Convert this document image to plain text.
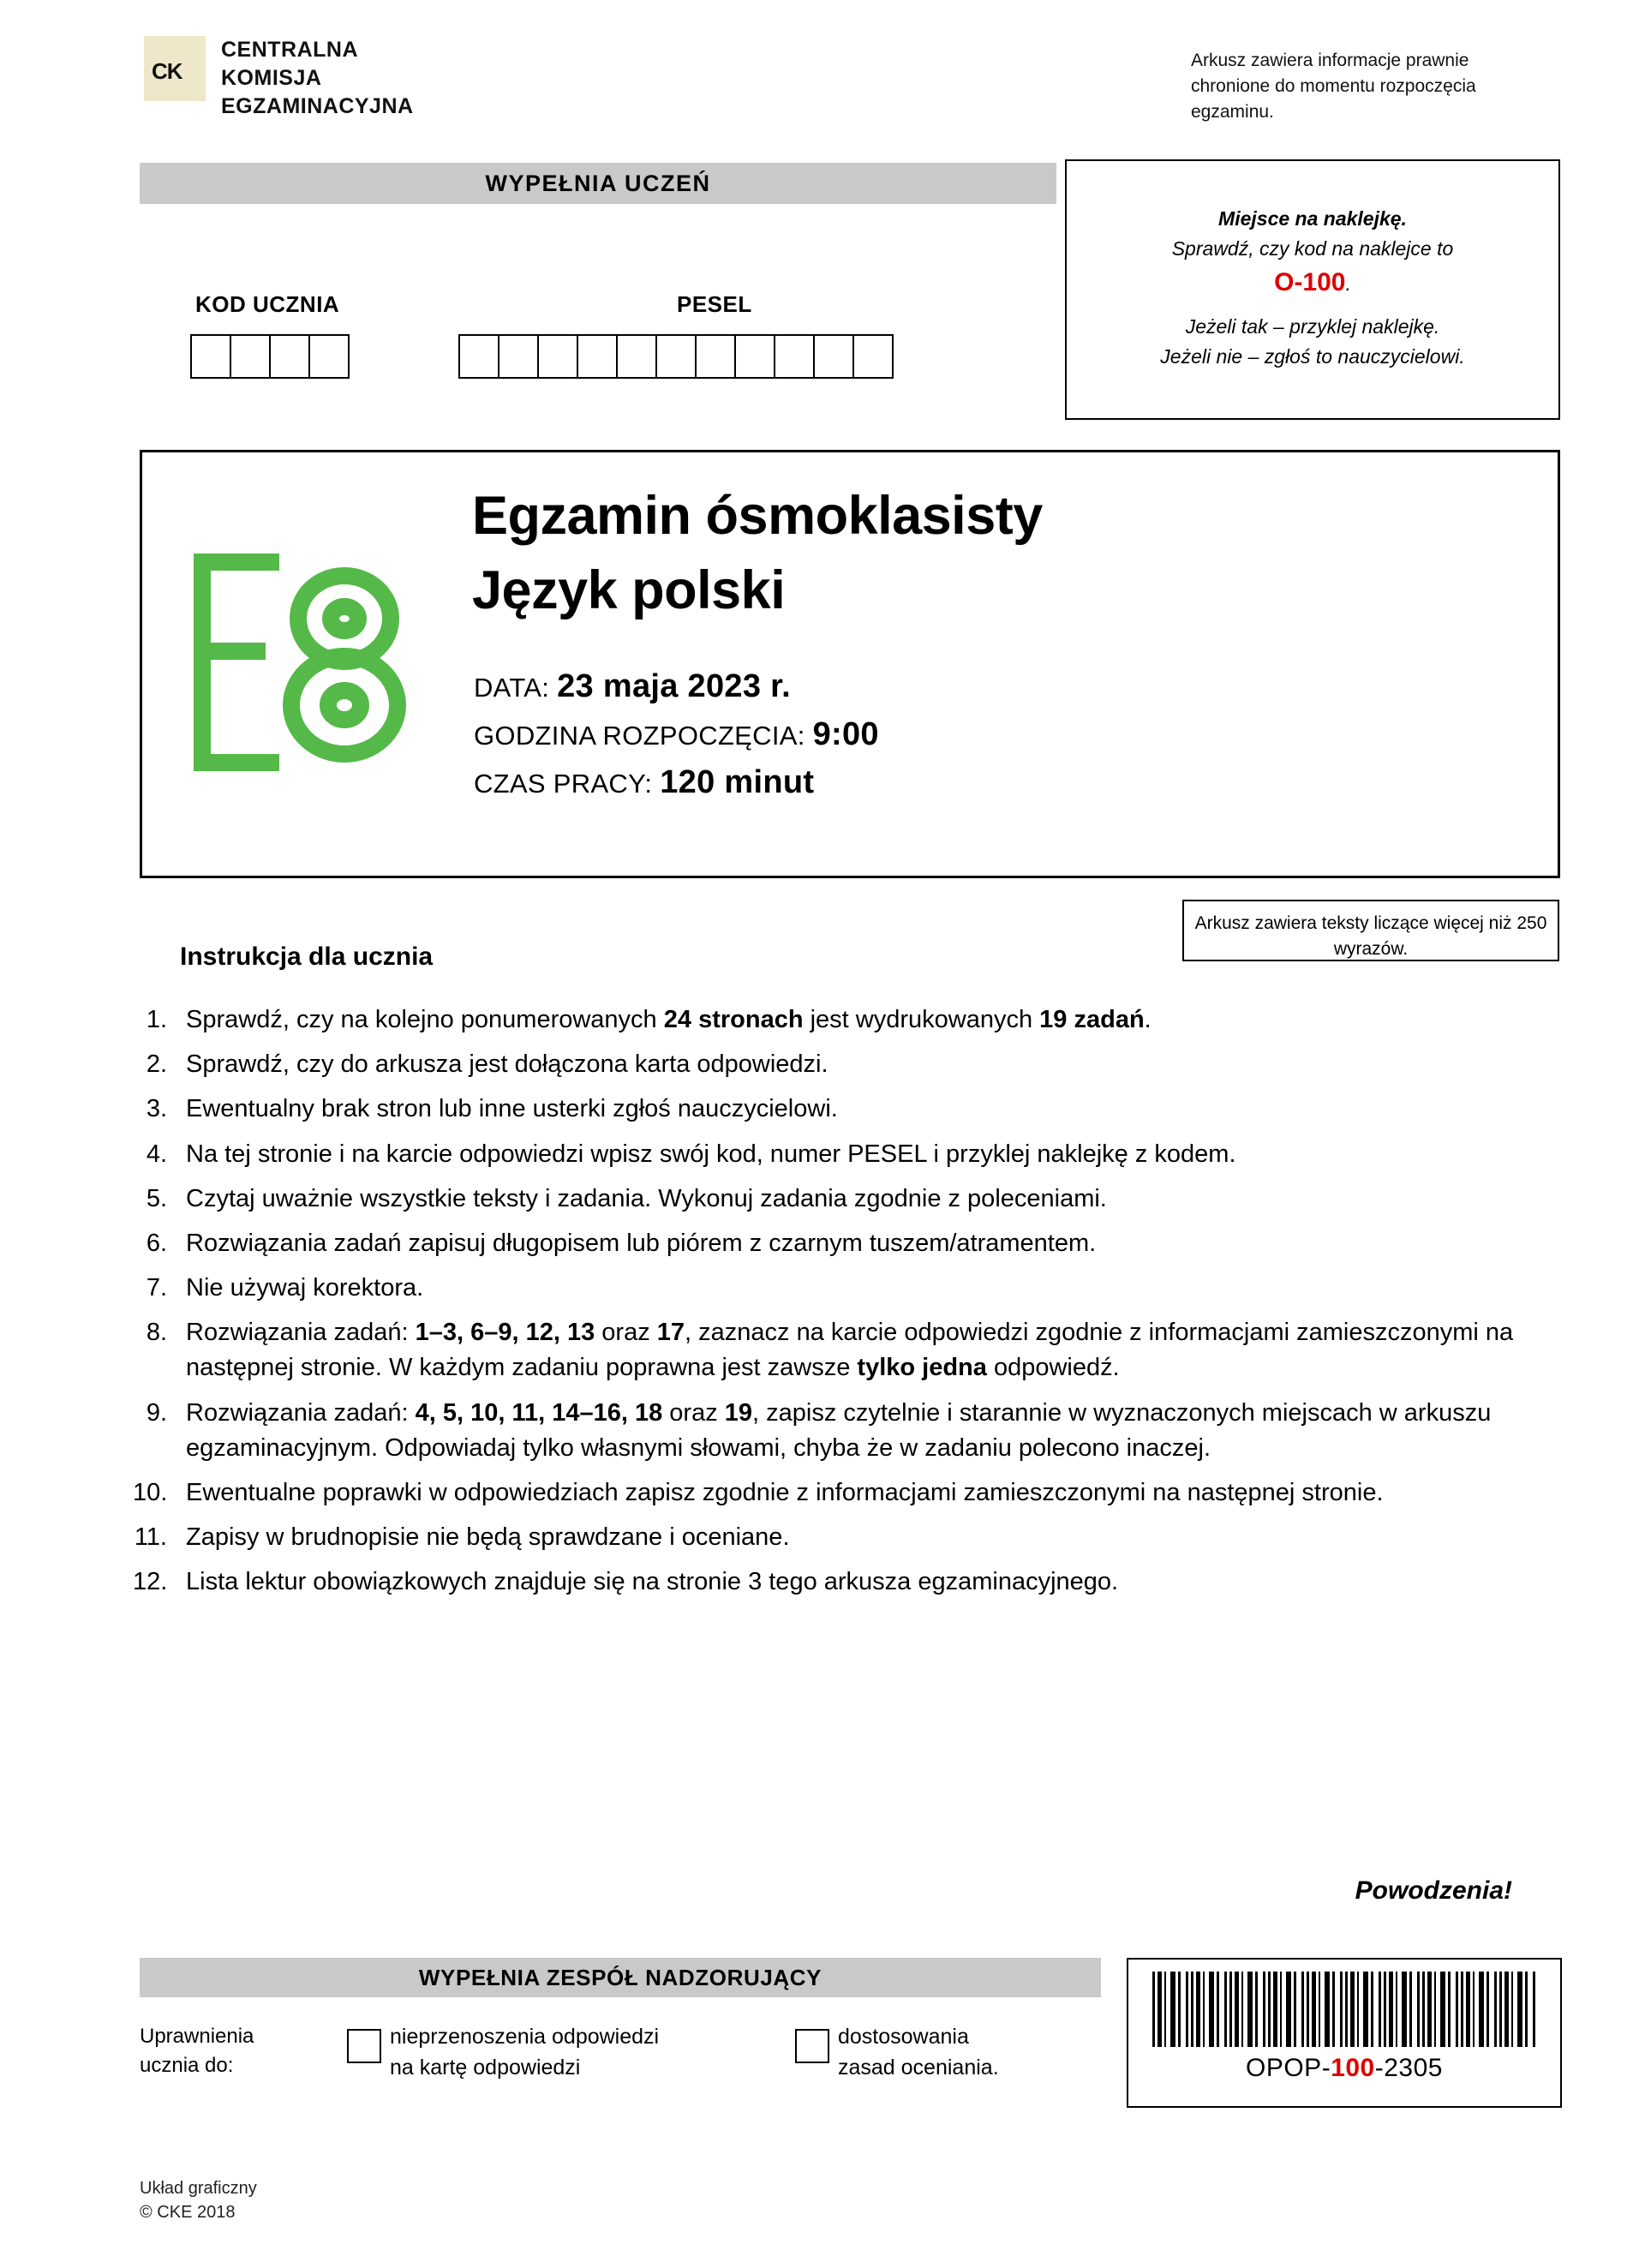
CK
CENTRALNA
KOMISJA
EGZAMINACYJNA
Arkusz zawiera informacje prawnie chronione do momentu rozpoczęcia egzaminu.
WYPEŁNIA UCZEŃ
KOD UCZNIA	PESEL
Miejsce na naklejkę.
Sprawdź, czy kod na naklejce to
O-100.
Jeżeli tak – przyklej naklejkę.
Jeżeli nie – zgłoś to nauczycielowi.
Egzamin ósmoklasisty
Język polski
DATA: 23 maja 2023 r.
GODZINA ROZPOCZĘCIA: 9:00
CZAS PRACY: 120 minut
Arkusz zawiera teksty liczące więcej niż 250 wyrazów.
Instrukcja dla ucznia
1. Sprawdź, czy na kolejno ponumerowanych 24 stronach jest wydrukowanych 19 zadań.
2. Sprawdź, czy do arkusza jest dołączona karta odpowiedzi.
3. Ewentualny brak stron lub inne usterki zgłoś nauczycielowi.
4. Na tej stronie i na karcie odpowiedzi wpisz swój kod, numer PESEL i przyklej naklejkę z kodem.
5. Czytaj uważnie wszystkie teksty i zadania. Wykonuj zadania zgodnie z poleceniami.
6. Rozwiązania zadań zapisuj długopisem lub piórem z czarnym tuszem/atramentem.
7. Nie używaj korektora.
8. Rozwiązania zadań: 1–3, 6–9, 12, 13 oraz 17, zaznacz na karcie odpowiedzi zgodnie z informacjami zamieszczonymi na następnej stronie. W każdym zadaniu poprawna jest zawsze tylko jedna odpowiedź.
9. Rozwiązania zadań: 4, 5, 10, 11, 14–16, 18 oraz 19, zapisz czytelnie i starannie w wyznaczonych miejscach w arkuszu egzaminacyjnym. Odpowiadaj tylko własnymi słowami, chyba że w zadaniu polecono inaczej.
10. Ewentualne poprawki w odpowiedziach zapisz zgodnie z informacjami zamieszczonymi na następnej stronie.
11. Zapisy w brudnopisie nie będą sprawdzane i oceniane.
12. Lista lektur obowiązkowych znajduje się na stronie 3 tego arkusza egzaminacyjnego.
Powodzenia!
WYPEŁNIA ZESPÓŁ NADZORUJĄCY
Uprawnienia
ucznia do:
nieprzenoszenia odpowiedzi
na kartę odpowiedzi
dostosowania
zasad oceniania.	OPOP-100-2305
Układ graficzny
© CKE 2018
